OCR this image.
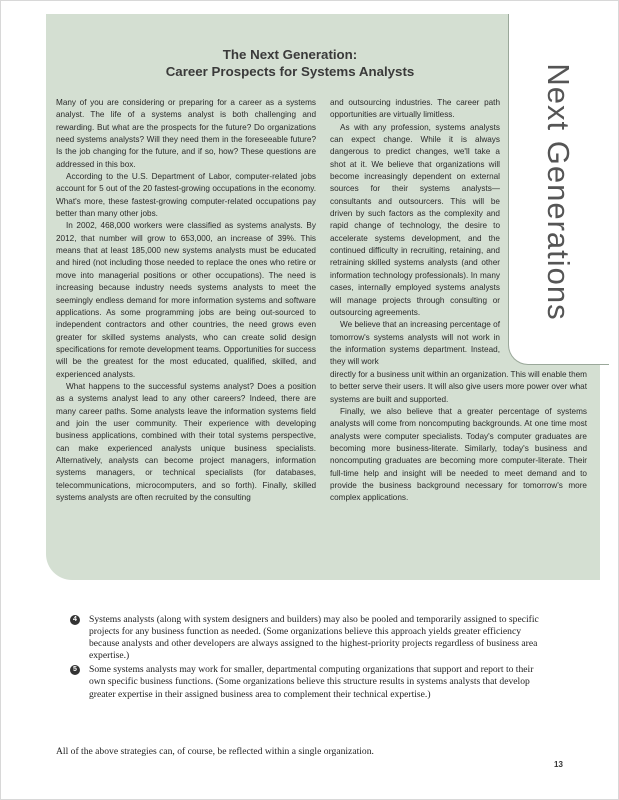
Next Generations
The Next Generation:
Career Prospects for Systems Analysts

Many of you are considering or preparing for a career as a systems analyst. The life of a systems analyst is both challenging and rewarding. But what are the prospects for the future? Do organizations need systems analysts? Will they need them in the foreseeable future? Is the job changing for the future, and if so, how? These questions are addressed in this box.

According to the U.S. Department of Labor, computer-related jobs account for 5 out of the 20 fastest-growing occupations in the economy. What's more, these fastest-growing computer-related occupations pay better than many other jobs.

In 2002, 468,000 workers were classified as systems analysts. By 2012, that number will grow to 653,000, an increase of 39%. This means that at least 185,000 new systems analysts must be educated and hired (not including those needed to replace the ones who retire or move into managerial positions or other occupations). The need is increasing because industry needs systems analysts to meet the seemingly endless demand for more information systems and software applications. As some programming jobs are being out-sourced to independent contractors and other countries, the need grows even greater for skilled systems analysts, who can create solid design specifications for remote development teams. Opportunities for success will be the greatest for the most educated, qualified, skilled, and experienced analysts.

What happens to the successful systems analyst? Does a position as a systems analyst lead to any other careers? Indeed, there are many career paths. Some analysts leave the information systems field and join the user community. Their experience with developing business applications, combined with their total systems perspective, can make experienced analysts unique business specialists. Alternatively, analysts can become project managers, information systems managers, or technical specialists (for databases, telecommunications, microcomputers, and so forth). Finally, skilled systems analysts are often recruited by the consulting

and outsourcing industries. The career path opportunities are virtually limitless.

As with any profession, systems analysts can expect change. While it is always dangerous to predict changes, we'll take a shot at it. We believe that organizations will become increasingly dependent on external sources for their systems analysts—consultants and outsourcers. This will be driven by such factors as the complexity and rapid change of technology, the desire to accelerate systems development, and the continued difficulty in recruiting, retaining, and retraining skilled systems analysts (and other information technology professionals). In many cases, internally employed systems analysts will manage projects through consulting or outsourcing agreements.

We believe that an increasing percentage of tomorrow's systems analysts will not work in the information systems department. Instead, they will work

directly for a business unit within an organization. This will enable them to better serve their users. It will also give users more power over what systems are built and supported.

Finally, we also believe that a greater percentage of systems analysts will come from noncomputing backgrounds. At one time most analysts were computer specialists. Today's computer graduates are becoming more business-literate. Similarly, today's business and noncomputing graduates are becoming more computer-literate. Their full-time help and insight will be needed to meet demand and to provide the business background necessary for tomorrow's more complex applications.

4	Systems analysts (along with system designers and builders) may also be pooled and temporarily assigned to specific projects for any business function as needed. (Some organizations believe this approach yields greater efficiency because analysts and other developers are always assigned to the highest-priority projects regardless of business area expertise.)
5	Some systems analysts may work for smaller, departmental computing organizations that support and report to their own specific business functions. (Some organizations believe this structure results in systems analysts that develop greater expertise in their assigned business area to complement their technical expertise.)
All of the above strategies can, of course, be reflected within a single organization.
13
